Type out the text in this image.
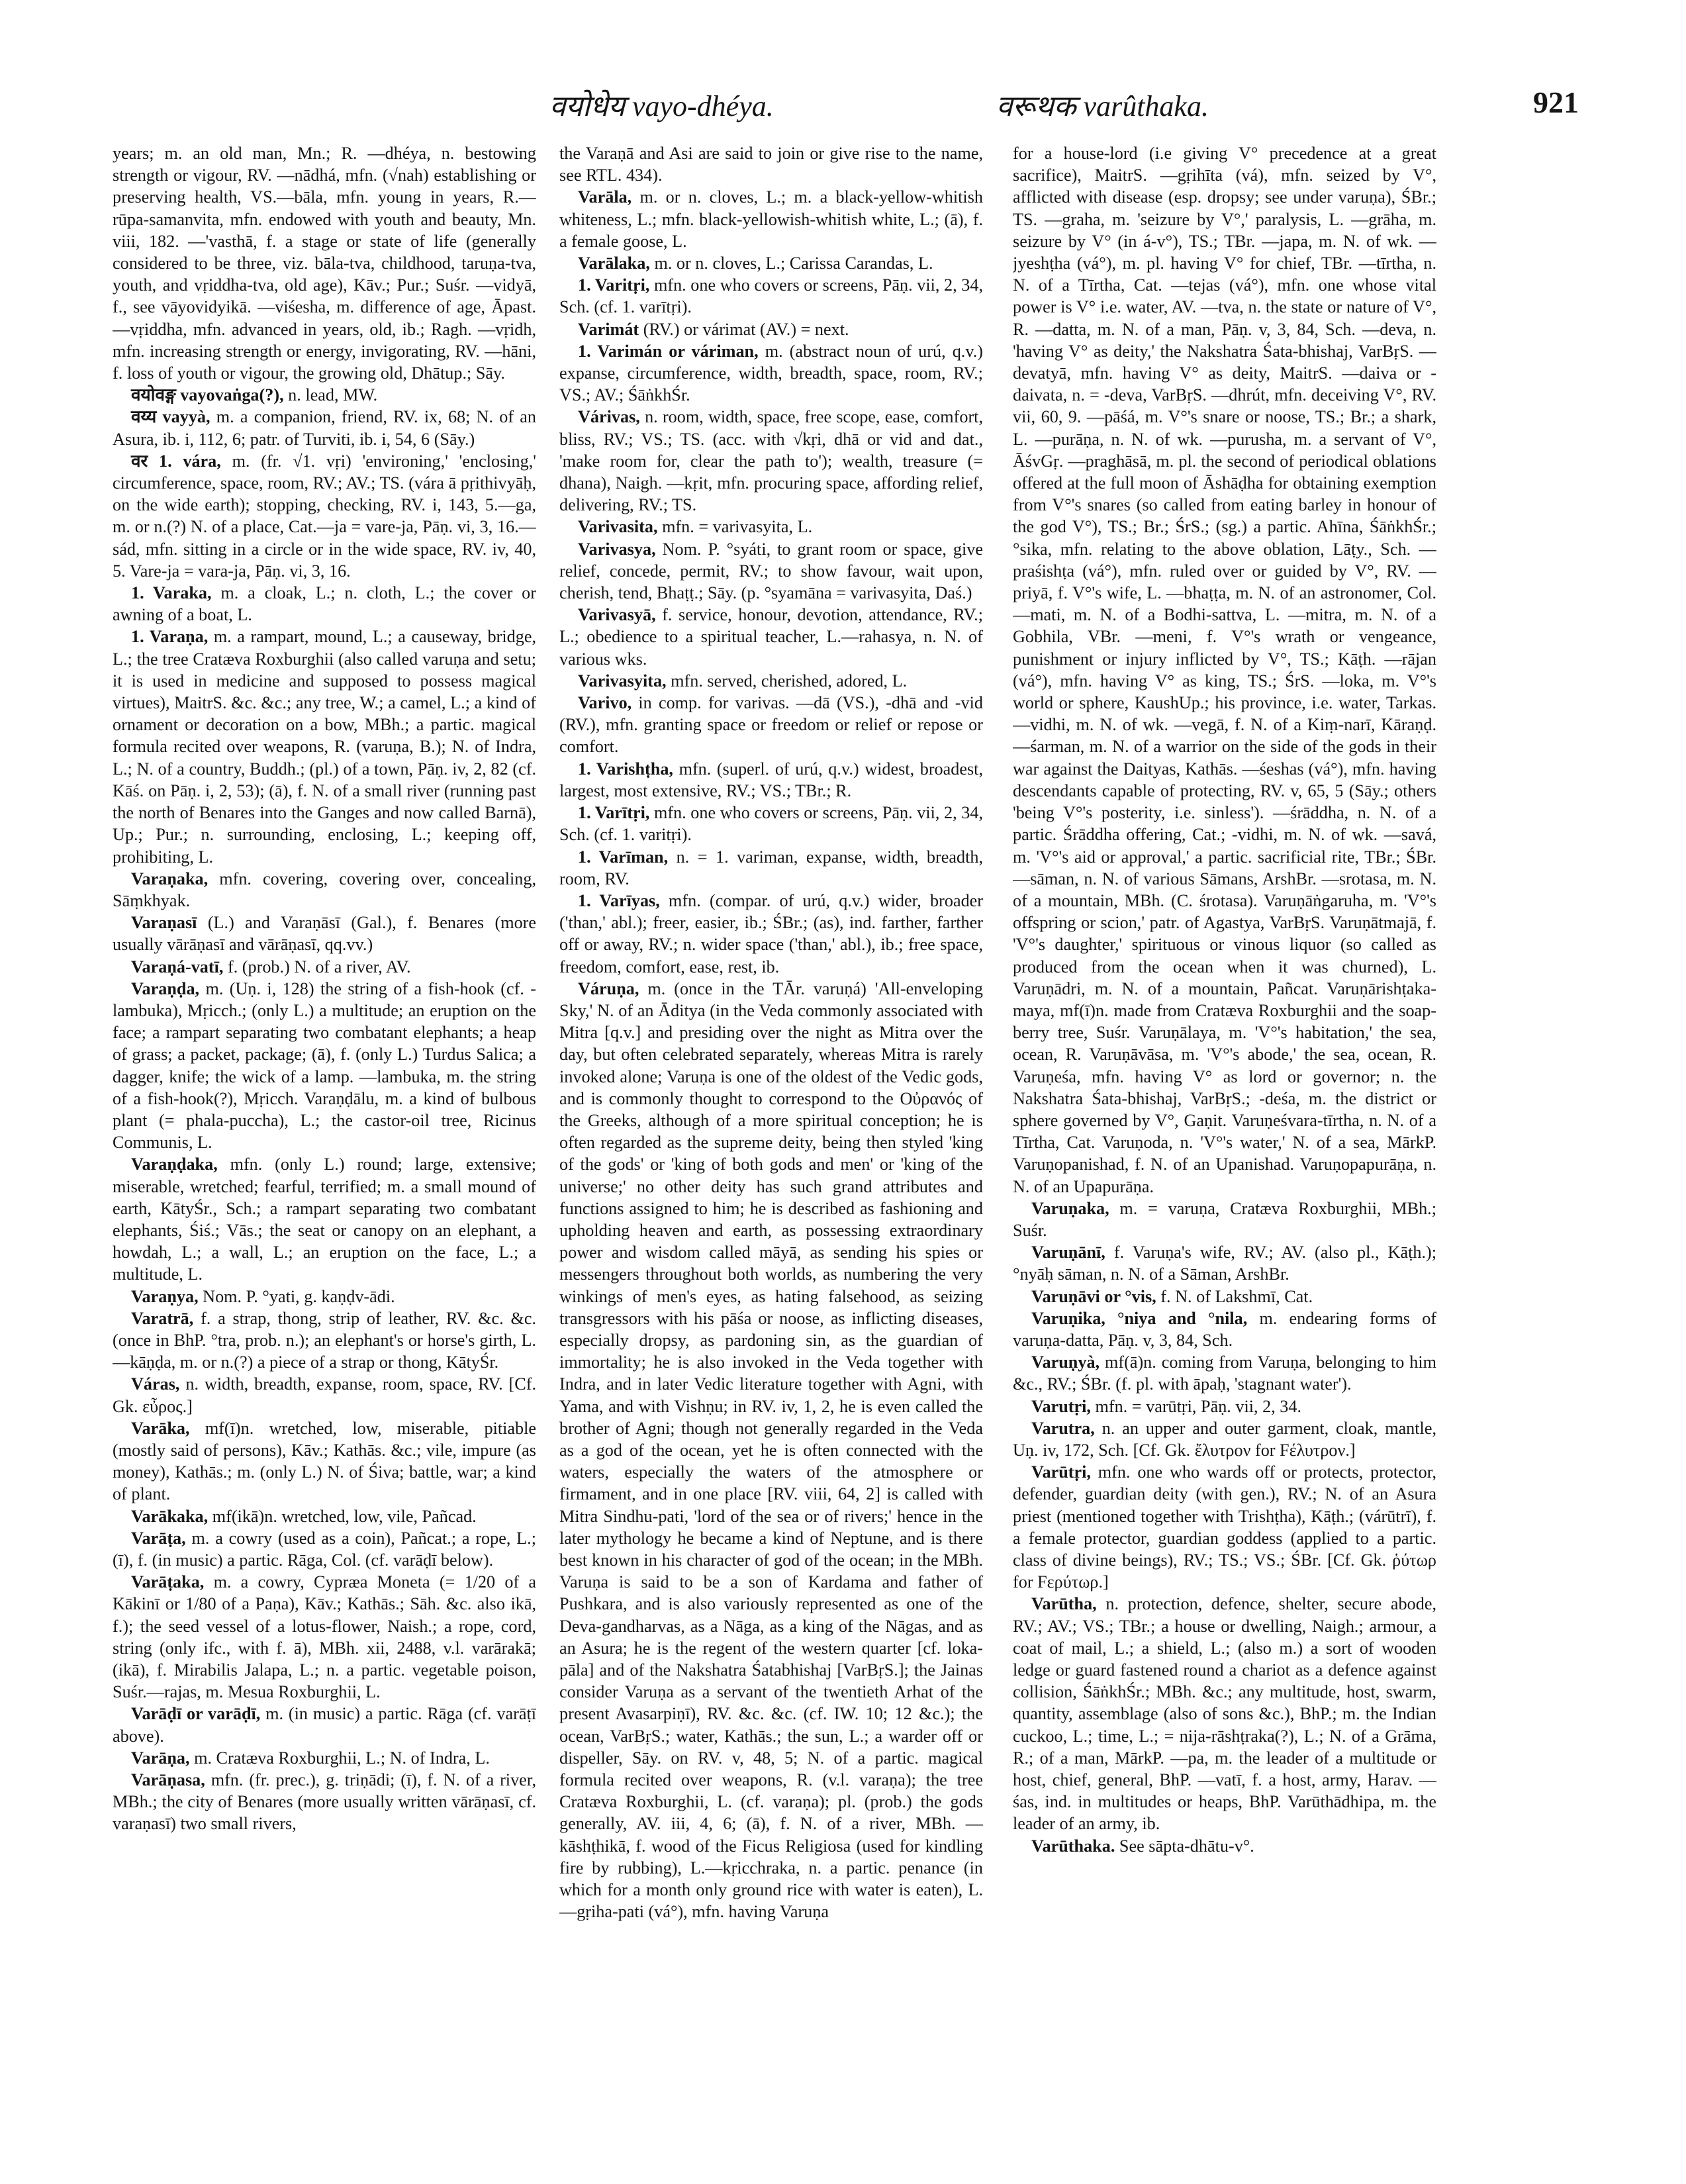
वयोधेय vayo-dhéya.	वरूथक varûthaka.	921

years; m. an old man, Mn.; R. —dhéya, n. bestowing strength or vigour, RV. —nādhá, mfn. (√nah) establishing or preserving health, VS.—bāla, mfn. young in years, R.—rūpa-samanvita, mfn. endowed with youth and beauty, Mn. viii, 182. —'vasthā, f. a stage or state of life (generally considered to be three, viz. bāla-tva, childhood, taruṇa-tva, youth, and vṛiddha-tva, old age), Kāv.; Pur.; Suśr. —vidyā, f., see vāyovidyikā. —viśesha, m. difference of age, Āpast. —vṛiddha, mfn. advanced in years, old, ib.; Ragh. —vṛidh, mfn. increasing strength or energy, invigorating, RV. —hāni, f. loss of youth or vigour, the growing old, Dhātup.; Sāy.

वयोवङ्ग vayovaṅga(?), n. lead, MW.

वय्य vayyà, m. a companion, friend, RV. ix, 68; N. of an Asura, ib. i, 112, 6; patr. of Turviti, ib. i, 54, 6 (Sāy.)

वर 1. vára, m. (fr. √1. vṛi) 'environing,' 'enclosing,' circumference, space, room, RV.; AV.; TS. (vára ā pṛithivyāḥ, on the wide earth); stopping, checking, RV. i, 143, 5.—ga, m. or n.(?) N. of a place, Cat.—ja = vare-ja, Pāṇ. vi, 3, 16.—sád, mfn. sitting in a circle or in the wide space, RV. iv, 40, 5. Vare-ja = vara-ja, Pāṇ. vi, 3, 16.

1. Varaka, m. a cloak, L.; n. cloth, L.; the cover or awning of a boat, L.

1. Varaṇa, m. a rampart, mound, L.; a causeway, bridge, L.; the tree Cratæva Roxburghii (also called varuṇa and setu; it is used in medicine and supposed to possess magical virtues), MaitrS. &c. &c.; any tree, W.; a camel, L.; a kind of ornament or decoration on a bow, MBh.; a partic. magical formula recited over weapons, R. (varuṇa, B.); N. of Indra, L.; N. of a country, Buddh.; (pl.) of a town, Pāṇ. iv, 2, 82 (cf. Kāś. on Pāṇ. i, 2, 53); (ā), f. N. of a small river (running past the north of Benares into the Ganges and now called Barnā), Up.; Pur.; n. surrounding, enclosing, L.; keeping off, prohibiting, L.

Varaṇaka, mfn. covering, covering over, concealing, Sāṃkhyak.

Varaṇasī (L.) and Varaṇāsī (Gal.), f. Benares (more usually vārāṇasī and vārāṇasī, qq.vv.)

Varaṇá-vatī, f. (prob.) N. of a river, AV.

Varaṇḍa, m. (Uṇ. i, 128) the string of a fish-hook (cf. -lambuka), Mṛicch.; (only L.) a multitude; an eruption on the face; a rampart separating two combatant elephants; a heap of grass; a packet, package; (ā), f. (only L.) Turdus Salica; a dagger, knife; the wick of a lamp. —lambuka, m. the string of a fish-hook(?), Mṛicch. Varaṇḍālu, m. a kind of bulbous plant (= phala-puccha), L.; the castor-oil tree, Ricinus Communis, L.

Varaṇḍaka, mfn. (only L.) round; large, extensive; miserable, wretched; fearful, terrified; m. a small mound of earth, KātyŚr., Sch.; a rampart separating two combatant elephants, Śiś.; Vās.; the seat or canopy on an elephant, a howdah, L.; a wall, L.; an eruption on the face, L.; a multitude, L.

Varaṇya, Nom. P. °yati, g. kaṇḍv-ādi.

Varatrā, f. a strap, thong, strip of leather, RV. &c. &c. (once in BhP. °tra, prob. n.); an elephant's or horse's girth, L.—kāṇḍa, m. or n.(?) a piece of a strap or thong, KātyŚr.

Váras, n. width, breadth, expanse, room, space, RV. [Cf. Gk. εὖρος.]

Varāka, mf(ī)n. wretched, low, miserable, pitiable (mostly said of persons), Kāv.; Kathās. &c.; vile, impure (as money), Kathās.; m. (only L.) N. of Śiva; battle, war; a kind of plant.

Varākaka, mf(ikā)n. wretched, low, vile, Pañcad.

Varāṭa, m. a cowry (used as a coin), Pañcat.; a rope, L.; (ī), f. (in music) a partic. Rāga, Col. (cf. varāḍī below).

Varāṭaka, m. a cowry, Cypræa Moneta (= 1/20 of a Kākinī or 1/80 of a Paṇa), Kāv.; Kathās.; Sāh. &c. also ikā, f.); the seed vessel of a lotus-flower, Naish.; a rope, cord, string (only ifc., with f. ā), MBh. xii, 2488, v.l. varārakā; (ikā), f. Mirabilis Jalapa, L.; n. a partic. vegetable poison, Suśr.—rajas, m. Mesua Roxburghii, L.

Varāḍī or varāḍī, m. (in music) a partic. Rāga (cf. varāṭī above).

Varāṇa, m. Cratæva Roxburghii, L.; N. of Indra, L.

Varāṇasa, mfn. (fr. prec.), g. triṇādi; (ī), f. N. of a river, MBh.; the city of Benares (more usually written vārāṇasī, cf. varaṇasī) two small rivers,

the Varaṇā and Asi are said to join or give rise to the name, see RTL. 434).

Varāla, m. or n. cloves, L.; m. a black-yellow-whitish whiteness, L.; mfn. black-yellowish-whitish white, L.; (ā), f. a female goose, L.

Varālaka, m. or n. cloves, L.; Carissa Carandas, L.

1. Varitṛi, mfn. one who covers or screens, Pāṇ. vii, 2, 34, Sch. (cf. 1. varītṛi).

Varimát (RV.) or várimat (AV.) = next.

1. Varimán or váriman, m. (abstract noun of urú, q.v.) expanse, circumference, width, breadth, space, room, RV.; VS.; AV.; ŚāṅkhŚr.

Várivas, n. room, width, space, free scope, ease, comfort, bliss, RV.; VS.; TS. (acc. with √kṛi, dhā or vid and dat., 'make room for, clear the path to'); wealth, treasure (= dhana), Naigh. —kṛit, mfn. procuring space, affording relief, delivering, RV.; TS.

Varivasita, mfn. = varivasyita, L.

Varivasya, Nom. P. °syáti, to grant room or space, give relief, concede, permit, RV.; to show favour, wait upon, cherish, tend, Bhaṭṭ.; Sāy. (p. °syamāna = varivasyita, Daś.)

Varivasyā, f. service, honour, devotion, attendance, RV.; L.; obedience to a spiritual teacher, L.—rahasya, n. N. of various wks.

Varivasyita, mfn. served, cherished, adored, L.

Varivo, in comp. for varivas. —dā (VS.), -dhā and -vid (RV.), mfn. granting space or freedom or relief or repose or comfort.

1. Varishṭha, mfn. (superl. of urú, q.v.) widest, broadest, largest, most extensive, RV.; VS.; TBr.; R.

1. Varītṛi, mfn. one who covers or screens, Pāṇ. vii, 2, 34, Sch. (cf. 1. varitṛi).

1. Varīman, n. = 1. variman, expanse, width, breadth, room, RV.

1. Varīyas, mfn. (compar. of urú, q.v.) wider, broader ('than,' abl.); freer, easier, ib.; ŚBr.; (as), ind. farther, farther off or away, RV.; n. wider space ('than,' abl.), ib.; free space, freedom, comfort, ease, rest, ib.

Váruṇa, m. (once in the TĀr. varuṇá) 'All-enveloping Sky,' N. of an Āditya (in the Veda commonly associated with Mitra [q.v.] and presiding over the night as Mitra over the day, but often celebrated separately, whereas Mitra is rarely invoked alone; Varuṇa is one of the oldest of the Vedic gods, and is commonly thought to correspond to the Οὐρανός of the Greeks, although of a more spiritual conception; he is often regarded as the supreme deity, being then styled 'king of the gods' or 'king of both gods and men' or 'king of the universe;' no other deity has such grand attributes and functions assigned to him; he is described as fashioning and upholding heaven and earth, as possessing extraordinary power and wisdom called māyā, as sending his spies or messengers throughout both worlds, as numbering the very winkings of men's eyes, as hating falsehood, as seizing transgressors with his pāśa or noose, as inflicting diseases, especially dropsy, as pardoning sin, as the guardian of immortality; he is also invoked in the Veda together with Indra, and in later Vedic literature together with Agni, with Yama, and with Vishṇu; in RV. iv, 1, 2, he is even called the brother of Agni; though not generally regarded in the Veda as a god of the ocean, yet he is often connected with the waters, especially the waters of the atmosphere or firmament, and in one place [RV. viii, 64, 2] is called with Mitra Sindhu-pati, 'lord of the sea or of rivers;' hence in the later mythology he became a kind of Neptune, and is there best known in his character of god of the ocean; in the MBh. Varuṇa is said to be a son of Kardama and father of Pushkara, and is also variously represented as one of the Deva-gandharvas, as a Nāga, as a king of the Nāgas, and as an Asura; he is the regent of the western quarter [cf. loka-pāla] and of the Nakshatra Śatabhishaj [VarBṛS.]; the Jainas consider Varuṇa as a servant of the twentieth Arhat of the present Avasarpiṇī), RV. &c. &c. (cf. IW. 10; 12 &c.); the ocean, VarBṛS.; water, Kathās.; the sun, L.; a warder off or dispeller, Sāy. on RV. v, 48, 5; N. of a partic. magical formula recited over weapons, R. (v.l. varaṇa); the tree Cratæva Roxburghii, L. (cf. varaṇa); pl. (prob.) the gods generally, AV. iii, 4, 6; (ā), f. N. of a river, MBh. —kāshṭhikā, f. wood of the Ficus Religiosa (used for kindling fire by rubbing), L.—kṛicchraka, n. a partic. penance (in which for a month only ground rice with water is eaten), L.—gṛiha-pati (vá°), mfn. having Varuṇa

for a house-lord (i.e giving V° precedence at a great sacrifice), MaitrS. —gṛihīta (vá), mfn. seized by V°, afflicted with disease (esp. dropsy; see under varuṇa), ŚBr.; TS. —graha, m. 'seizure by V°,' paralysis, L. —grāha, m. seizure by V° (in á-v°), TS.; TBr. —japa, m. N. of wk. —jyeshṭha (vá°), m. pl. having V° for chief, TBr. —tīrtha, n. N. of a Tīrtha, Cat. —tejas (vá°), mfn. one whose vital power is V° i.e. water, AV. —tva, n. the state or nature of V°, R. —datta, m. N. of a man, Pāṇ. v, 3, 84, Sch. —deva, n. 'having V° as deity,' the Nakshatra Śata-bhishaj, VarBṛS. —devatyā, mfn. having V° as deity, MaitrS. —daiva or -daivata, n. = -deva, VarBṛS. —dhrút, mfn. deceiving V°, RV. vii, 60, 9. —pāśá, m. V°'s snare or noose, TS.; Br.; a shark, L. —purāṇa, n. N. of wk. —purusha, m. a servant of V°, ĀśvGṛ. —praghāsā, m. pl. the second of periodical oblations offered at the full moon of Āshāḍha for obtaining exemption from V°'s snares (so called from eating barley in honour of the god V°), TS.; Br.; ŚrS.; (sg.) a partic. Ahīna, ŚāṅkhŚr.; °sika, mfn. relating to the above oblation, Lāṭy., Sch. —praśishṭa (vá°), mfn. ruled over or guided by V°, RV. —priyā, f. V°'s wife, L. —bhaṭṭa, m. N. of an astronomer, Col. —mati, m. N. of a Bodhi-sattva, L. —mitra, m. N. of a Gobhila, VBr. —meni, f. V°'s wrath or vengeance, punishment or injury inflicted by V°, TS.; Kāṭh. —rājan (vá°), mfn. having V° as king, TS.; ŚrS. —loka, m. V°'s world or sphere, KaushUp.; his province, i.e. water, Tarkas. —vidhi, m. N. of wk. —vegā, f. N. of a Kiṃ-narī, Kāraṇḍ. —śarman, m. N. of a warrior on the side of the gods in their war against the Daityas, Kathās. —śeshas (vá°), mfn. having descendants capable of protecting, RV. v, 65, 5 (Sāy.; others 'being V°'s posterity, i.e. sinless'). —śrāddha, n. N. of a partic. Śrāddha offering, Cat.; -vidhi, m. N. of wk. —savá, m. 'V°'s aid or approval,' a partic. sacrificial rite, TBr.; ŚBr. —sāman, n. N. of various Sāmans, ArshBr. —srotasa, m. N. of a mountain, MBh. (C. śrotasa). Varuṇāṅgaruha, m. 'V°'s offspring or scion,' patr. of Agastya, VarBṛS. Varuṇātmajā, f. 'V°'s daughter,' spirituous or vinous liquor (so called as produced from the ocean when it was churned), L. Varuṇādri, m. N. of a mountain, Pañcat. Varuṇārishṭaka-maya, mf(ī)n. made from Cratæva Roxburghii and the soap-berry tree, Suśr. Varuṇālaya, m. 'V°'s habitation,' the sea, ocean, R. Varuṇāvāsa, m. 'V°'s abode,' the sea, ocean, R. Varuṇeśa, mfn. having V° as lord or governor; n. the Nakshatra Śata-bhishaj, VarBṛS.; -deśa, m. the district or sphere governed by V°, Gaṇit. Varuṇeśvara-tīrtha, n. N. of a Tīrtha, Cat. Varuṇoda, n. 'V°'s water,' N. of a sea, MārkP. Varuṇopanishad, f. N. of an Upanishad. Varuṇopapurāṇa, n. N. of an Upapurāṇa.

Varuṇaka, m. = varuṇa, Cratæva Roxburghii, MBh.; Suśr.

Varuṇānī, f. Varuṇa's wife, RV.; AV. (also pl., Kāṭh.); °nyāḥ sāman, n. N. of a Sāman, ArshBr.

Varuṇāvi or °vis, f. N. of Lakshmī, Cat.

Varuṇika, °niya and °nila, m. endearing forms of varuṇa-datta, Pāṇ. v, 3, 84, Sch.

Varuṇyà, mf(ā)n. coming from Varuṇa, belonging to him &c., RV.; ŚBr. (f. pl. with āpaḥ, 'stagnant water').

Varutṛi, mfn. = varūtṛi, Pāṇ. vii, 2, 34.

Varutra, n. an upper and outer garment, cloak, mantle, Uṇ. iv, 172, Sch. [Cf. Gk. ἔλυτρον for Fέλυτρον.]

Varūtṛi, mfn. one who wards off or protects, protector, defender, guardian deity (with gen.), RV.; N. of an Asura priest (mentioned together with Trishṭha), Kāṭh.; (várūtrī), f. a female protector, guardian goddess (applied to a partic. class of divine beings), RV.; TS.; VS.; ŚBr. [Cf. Gk. ῥύτωρ for Fερύτωρ.]

Varūtha, n. protection, defence, shelter, secure abode, RV.; AV.; VS.; TBr.; a house or dwelling, Naigh.; armour, a coat of mail, L.; a shield, L.; (also m.) a sort of wooden ledge or guard fastened round a chariot as a defence against collision, ŚāṅkhŚr.; MBh. &c.; any multitude, host, swarm, quantity, assemblage (also of sons &c.), BhP.; m. the Indian cuckoo, L.; time, L.; = nija-rāshṭraka(?), L.; N. of a Grāma, R.; of a man, MārkP. —pa, m. the leader of a multitude or host, chief, general, BhP. —vatī, f. a host, army, Harav. —śas, ind. in multitudes or heaps, BhP. Varūthādhipa, m. the leader of an army, ib.

Varūthaka. See sāpta-dhātu-v°.
